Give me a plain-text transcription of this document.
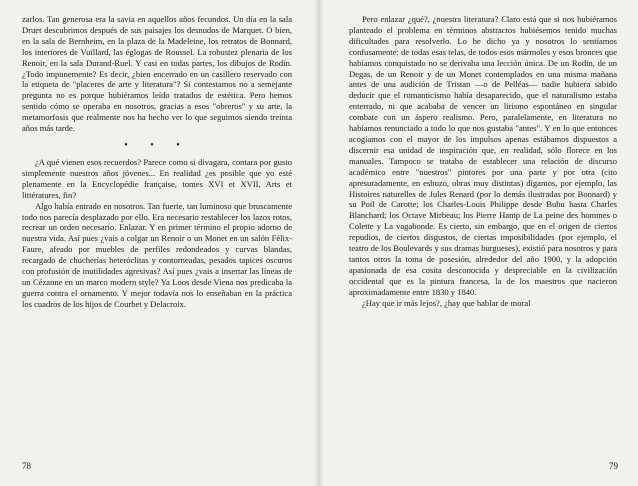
zarlos. Tan generosa era la savia en aquellos años fecundos. Un día en la sala Druet descubrimos después de sus paisajes los desnudos de Marquet. O bien, en la sala de Bernheim, en la plaza de la Madeleine, los retratos de Bonnard, los interiores de Vuillard, las églogas de Roussel. La robustez plenaria de los Renoir, en la sala Durand-Ruel. Y casi en todas partes, los dibujos de Rodin. ¿Todo impunemente? Es decir, ¿bien encerrado en un casillero reservado con la etiqueta de "placeres de arte y literatura"? Si contestamos no a semejante pregunta no es porque hubiéramos leído tratados de estética. Pero hemos sentido cómo se operaba en nosotros, gracias a esos "obreros" y su arte, la metamorfosis que realmente nos ha hecho ver lo que seguimos siendo treinta años más tarde.

• • •

¿A qué vienen esos recuerdos? Parece como si divagara, contara por gusto simplemente nuestros años jóvenes... En realidad ¿es posible que yo esté plenamente en la Encyclopédie française, tomes XVI et XVII, Arts et littératures, fin?

Algo había entrado en nosotros. Tan fuerte, tan luminoso que bruscamente todo nos parecía desplazado por ello. Era necesario restablecer los lazos rotos, recrear un orden necesario. Enlazar. Y en primer término el propio adorno de nuestra vida. Así pues ¿vais a colgar un Renoir o un Monet en un salón Félix-Faure, afeado por muebles de perfiles redondeados y curvas blandas, recargado de chucherías heteróclitas y contorneadas, pesados tapices oscuros con profusión de inutilidades agresivas? Así pues ¿vais a insertar las líneas de un Cézanne en un marco modern style? Ya Loos desde Viena nos predicaba la guerra contra el ornamento. Y mejor todavía nos lo enseñaban en la práctica los cuadros de los hijos de Courbet y Delacroix.

78

Pero enlazar ¿qué?, ¿nuestra literatura? Claro está que si nos hubiéramos planteado el problema en términos abstractos hubiésemos tenido muchas dificultades para resolverlo. Lo he dicho ya y nosotros lo sentíamos confusamente: de todas esas telas, de todos esos mármoles y esos bronces que habíamos conquistado no se derivaba una lección única. De un Rodin, de un Degas, de un Renoir y de un Monet contemplados en una misma mañana antes de una audición de Tristan —o de Pelléas— nadie hubiera sabido deducir que el romanticismo había desaparecido, que el naturalismo estaba enterrado, ni que acababa de vencer un lirismo espontáneo en singular combate con un áspero realismo. Pero, paralelamente, en literatura no habíamos renunciado a todo lo que nos gustaba "antes". Y en lo que entonces acogíamos con el mayor de los ímpulsos apenas estábamos dispuestos a discernir esa unidad de inspiración que, en realidad, sólo florece en los manuales. Tampoco se trataba de establecer una relación de discurso académico entre "nuestros" pintores por una parte y por otra (cito apresuradamente, en esbozo, obras muy distintas) digamos, por ejemplo, las Histoires naturelles de Jules Renard (por lo demás ilustradas por Bonnard) y su Poil de Carotte; los Charles-Louis Philippe desde Bubu hasta Charles Blanchard; los Octave Mirbeau; los Pierre Hamp de La peine des hommes o Colette y La vagabonde. Es cierto, sin embargo, que en el origen de ciertos repudios, de ciertos disgustos, de ciertas imposibilidades (por ejemplo, el teatro de los Boulevards y sus dramas burgueses), existió para nosotros y para tantos otros la toma de posesión, alrededor del año 1900, y la adopción apasionada de esa cosita desconocida y despreciable en la civilización occidental que es la pintura francesa, la de los maestros que nacieron aproximadamente entre 1830 y 1840.

¿Hay que ir más lejos?, ¿hay que hablar de moral

79
